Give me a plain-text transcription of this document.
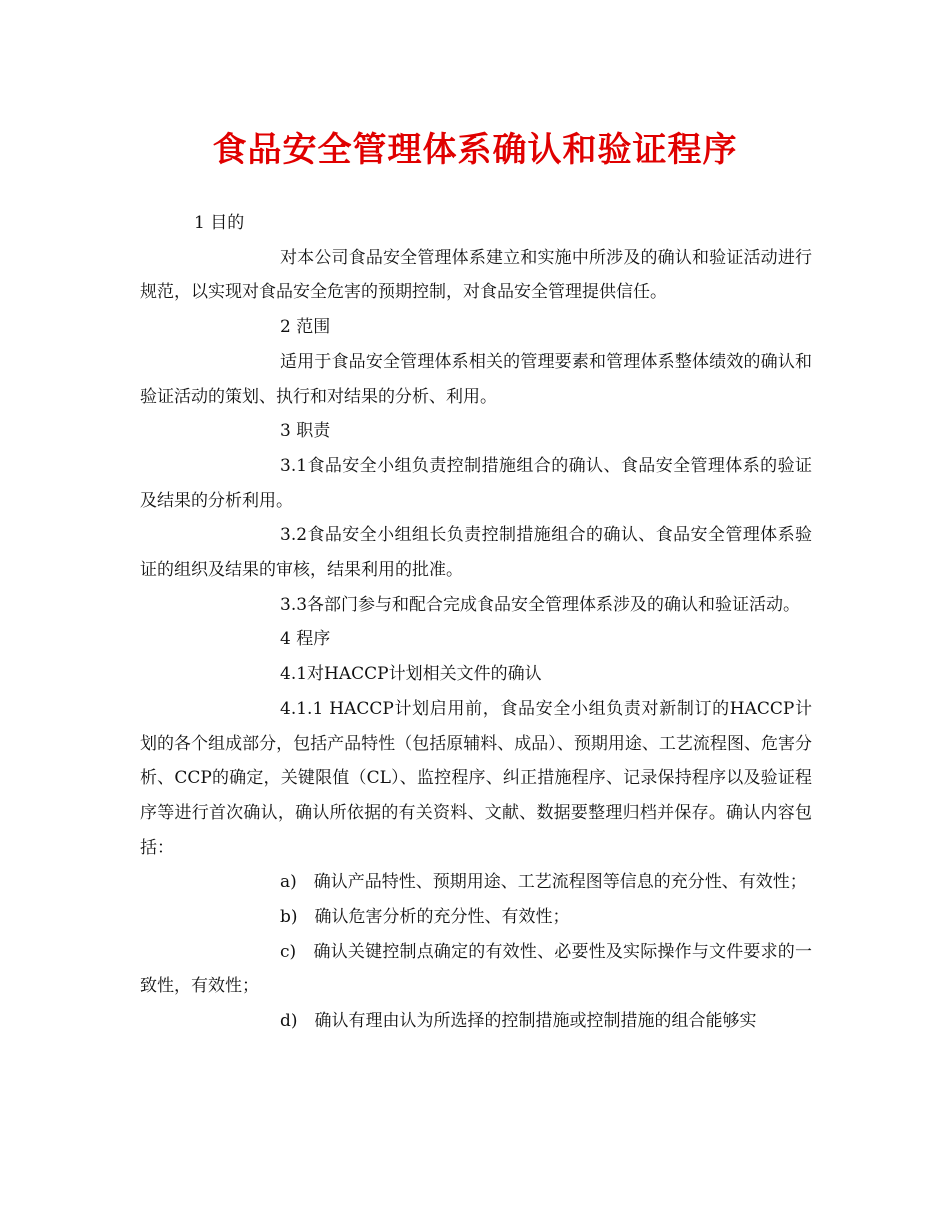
食品安全管理体系确认和验证程序

1 目的

对本公司食品安全管理体系建立和实施中所涉及的确认和验证活动进行规范，以实现对食品安全危害的预期控制，对食品安全管理提供信任。

2 范围

适用于食品安全管理体系相关的管理要素和管理体系整体绩效的确认和验证活动的策划、执行和对结果的分析、利用。

3 职责

3.1食品安全小组负责控制措施组合的确认、食品安全管理体系的验证及结果的分析利用。

3.2食品安全小组组长负责控制措施组合的确认、食品安全管理体系验证的组织及结果的审核，结果利用的批准。

3.3各部门参与和配合完成食品安全管理体系涉及的确认和验证活动。

4 程序

4.1对HACCP计划相关文件的确认

4.1.1 HACCP计划启用前，食品安全小组负责对新制订的HACCP计划的各个组成部分，包括产品特性（包括原辅料、成品）、预期用途、工艺流程图、危害分析、CCP的确定，关键限值（CL）、监控程序、纠正措施程序、记录保持程序以及验证程序等进行首次确认，确认所依据的有关资料、文献、数据要整理归档并保存。确认内容包括：

a)　确认产品特性、预期用途、工艺流程图等信息的充分性、有效性；

b)　确认危害分析的充分性、有效性；

c)　确认关键控制点确定的有效性、必要性及实际操作与文件要求的一致性，有效性；

d)　确认有理由认为所选择的控制措施或控制措施的组合能够实
